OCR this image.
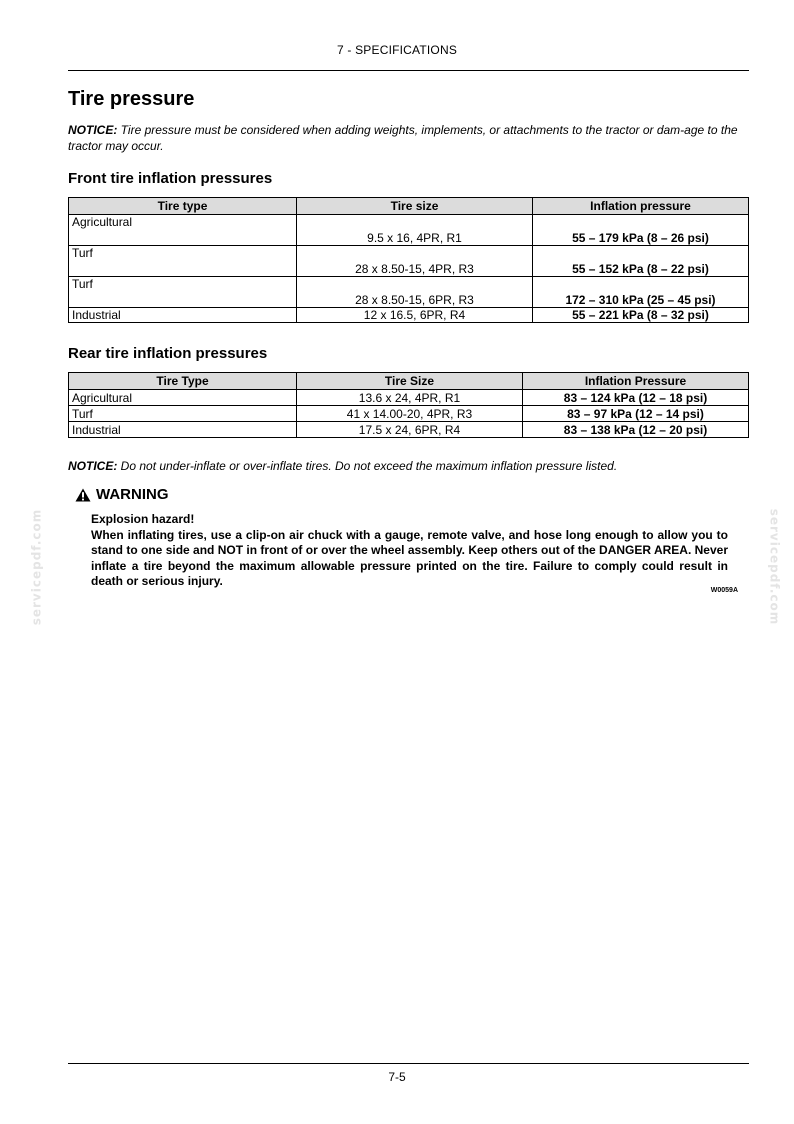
7 - SPECIFICATIONS
Tire pressure
NOTICE: Tire pressure must be considered when adding weights, implements, or attachments to the tractor or dam-age to the tractor may occur.
Front tire inflation pressures
Tire type	Tire size	Inflation pressure
Agricultural	9.5 x 16, 4PR, R1	55 – 179 kPa (8 – 26 psi)
Turf	28 x 8.50-15, 4PR, R3	55 – 152 kPa (8 – 22 psi)
Turf	28 x 8.50-15, 6PR, R3	172 – 310 kPa (25 – 45 psi)
Industrial	12 x 16.5, 6PR, R4	55 – 221 kPa (8 – 32 psi)
Rear tire inflation pressures
Tire Type	Tire Size	Inflation Pressure
Agricultural	13.6 x 24, 4PR, R1	83 – 124 kPa (12 – 18 psi)
Turf	41 x 14.00-20, 4PR, R3	83 – 97 kPa (12 – 14 psi)
Industrial	17.5 x 24, 6PR, R4	83 – 138 kPa (12 – 20 psi)
NOTICE: Do not under-inflate or over-inflate tires. Do not exceed the maximum inflation pressure listed.
WARNING
Explosion hazard!
When inflating tires, use a clip-on air chuck with a gauge, remote valve, and hose long enough to allow you to stand to one side and NOT in front of or over the wheel assembly. Keep others out of the DANGER AREA. Never inflate a tire beyond the maximum allowable pressure printed on the tire. Failure to comply could result in death or serious injury.
W0059A
servicepdf.com	servicepdf.com
7-5
